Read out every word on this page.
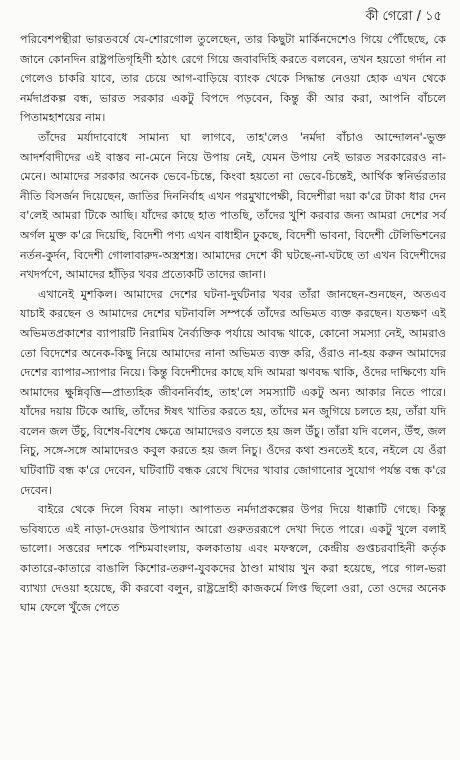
কী গেরো / ১৫

পরিবেশপন্থীরা ভারতবর্ষে যে-শোরগোল তুলেছেন, তার কিছুটা মার্কিনদেশেও গিয়ে পৌঁছেছে, কে জানে কোনদিন রাষ্ট্রপতিগৃহিণী হঠাৎ রেগে গিয়ে জবাবদিহি করতে বলবেন, তখন হয়তো গর্দান না গেলেও চাকরি যাবে, তার চেয়ে আগ-বাড়িয়ে ব্যাংক থেকে সিদ্ধান্ত নেওয়া হোক এখন থেকে নর্মদাপ্রকল্প বন্ধ, ভারত সরকার একটু বিপদে পড়বেন, কিন্তু কী আর করা, আপনি বাঁচলে পিতামহাশয়ের নাম।

তাঁদের মর্যাদাবোধে সামান্য ঘা লাগবে, তাহ'লেও 'নর্মদা বাঁচাও আন্দোলন'-ভুক্ত আদর্শবাদীদের এই বাস্তব না-মেনে নিয়ে উপায় নেই, যেমন উপায় নেই ভারত সরকারেরও না-মেনে। আমাদের সরকার অনেক ভেবে-চিন্তে, কিংবা হয়তো না ভেবে-চিন্তেই, আর্থিক স্বনির্ভরতার নীতি বিসর্জন দিয়েছেন, জাতির দিননির্বাহ এখন পরমুখাপেক্ষী, বিদেশীরা দয়া ক'রে টাকা ধার দেন ব'লেই আমরা টিকে আছি। যাঁদের কাছে হাত পাতছি, তাঁদের খুশি করবার জন্য আমরা দেশের সর্ব অর্গল মুক্ত ক'রে দিয়েছি, বিদেশী পণ্য এখন বাধাহীন ঢুকছে, বিদেশী ভাবনা, বিদেশী টেলিভিশনের নর্তন-কুর্দন, বিদেশী গোলাবারুদ-অস্ত্রশস্ত্র। আমাদের দেশে কী ঘটছে-না-ঘটছে তা এখন বিদেশীদের নখদর্পণে, আমাদের হাঁড়ির খবর প্রত্যেকটি তাদের জানা।

এখানেই মুশকিল। আমাদের দেশের ঘটনা-দুর্ঘটনার খবর তাঁরা জানছেন-শুনছেন, অতএব যাচাই করছেন ও আমাদের দেশের ঘটনাবলি সম্পর্কে তাঁদের অভিমত ব্যক্ত করছেন। যতক্ষণ এই অভিমতপ্রকাশের ব্যাপারটি নিরামিষ নৈর্ব্যক্তিক পর্যায়ে আবদ্ধ থাকে, কোনো সমস্যা নেই, আমরাও তো বিদেশের অনেক-কিছু নিয়ে আমাদের নানা অভিমত ব্যক্ত করি, ওঁরাও না-হয় করুন আমাদের দেশের ব্যাপার-স্যাপার নিয়ে। কিন্তু বিদেশীদের কাছে যদি আমরা ঋণবদ্ধ থাকি, ওঁদের দাক্ষিণ্যে যদি আমাদের ক্ষুন্নিবৃত্তি—প্রাত্যহিক জীবননির্বাহ, তাহ'লে সমস্যাটি একটু অন্য আকার নিতে পারে। যাঁদের দয়ায় টিকে আছি, তাঁদের ঈষৎ খাতির করতে হয়, তাঁদের মন জুগিয়ে চলতে হয়, তাঁরা যদি বলেন জল উঁচু, বিশেষ-বিশেষ ক্ষেত্রে আমাদেরও বলতে হয় জল উঁচু। তাঁরা যদি বলেন, উঁহু, জল নিচু, সঙ্গে-সঙ্গে আমাদেরও কবুল করতে হয় জল নিচু। ওঁদের কথা শুনতেই হবে, নইলে যে ওঁরা ঘটিবাটি বন্ধ ক'রে দেবেন, ঘটিবাটি বন্ধক রেখে খিদের খাবার জোগানোর সুযোগ পর্যন্ত বন্ধ ক'রে দেবেন।

বাইরে থেকে দিলে বিষম নাড়া। আপাতত নর্মদাপ্রকল্পের উপর দিয়ে ধাক্কাটি গেছে। কিন্তু ভবিষ্যতে এই নাড়া-দেওয়ার উপাখ্যান আরো গুরুতররূপে দেখা দিতে পারে। একটু খুলে বলাই ভালো। সত্তরের দশকে পশ্চিমবাংলায়, কলকাতায় এবং মফস্বলে, কেন্দ্রীয় গুপ্তচরবাহিনী কর্তৃক কাতারে-কাতারে বাঙালি কিশোর-তরুণ-যুবকদের ঠাণ্ডা মাথায় খুন করা হয়েছে, পরে গাল-ভরা ব্যাখ্যা দেওয়া হয়েছে, কী করবো বলুন, রাষ্ট্রদ্রোহী কাজকর্মে লিপ্ত ছিলো ওরা, তো ওদের অনেক ঘাম ফেলে খুঁজে পেতে
